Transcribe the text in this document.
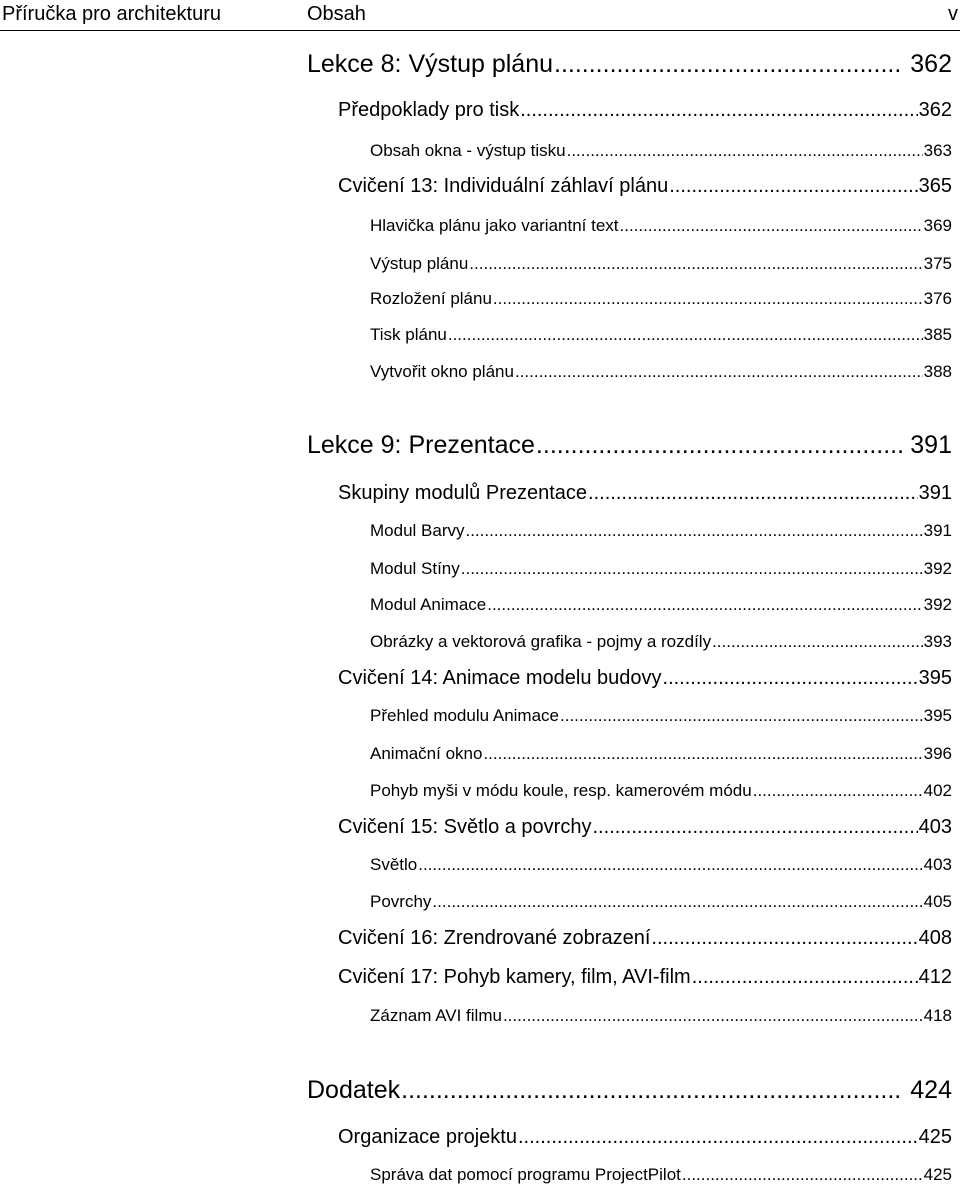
Příručka pro architekturu	Obsah	v
Lekce 8: Výstup plánu .....	362
Předpoklady pro tisk .....	362
Obsah okna - výstup tisku .....	363
Cvičení 13: Individuální záhlaví plánu .....	365
Hlavička plánu jako variantní text .....	369
Výstup plánu .....	375
Rozložení plánu .....	376
Tisk plánu .....	385
Vytvořit okno plánu .....	388
Lekce 9: Prezentace .....	391
Skupiny modulů Prezentace .....	391
Modul Barvy .....	391
Modul Stíny .....	392
Modul Animace .....	392
Obrázky a vektorová grafika - pojmy a rozdíly .....	393
Cvičení 14: Animace modelu budovy .....	395
Přehled modulu Animace .....	395
Animační okno .....	396
Pohyb myši v módu koule, resp. kamerovém módu .....	402
Cvičení 15: Světlo a povrchy .....	403
Světlo .....	403
Povrchy .....	405
Cvičení 16: Zrendrované zobrazení .....	408
Cvičení 17: Pohyb kamery, film, AVI-film .....	412
Záznam AVI filmu .....	418
Dodatek .....	424
Organizace projektu .....	425
Správa dat pomocí programu ProjectPilot .....	425
